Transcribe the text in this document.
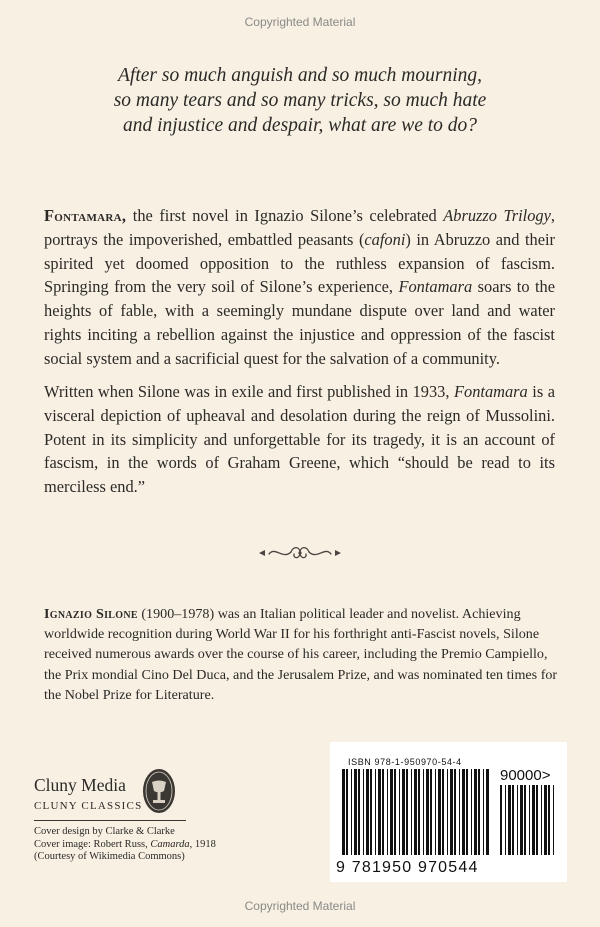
Copyrighted Material
After so much anguish and so much mourning,
so many tears and so many tricks, so much hate
and injustice and despair, what are we to do?

Fontamara, the first novel in Ignazio Silone’s celebrated Abruzzo Trilogy, portrays the impoverished, embattled peasants (cafoni) in Abruzzo and their spirited yet doomed opposition to the ruthless expansion of fascism. Springing from the very soil of Silone’s experience, Fontamara soars to the heights of fable, with a seemingly mundane dispute over land and water rights inciting a rebellion against the injustice and oppression of the fascist social system and a sacrificial quest for the salvation of a community.

Written when Silone was in exile and first published in 1933, Fontamara is a visceral depiction of upheaval and desolation during the reign of Mussolini. Potent in its simplicity and unforgettable for its tragedy, it is an account of fascism, in the words of Graham Greene, which “should be read to its merciless end.”

Ignazio Silone (1900–1978) was an Italian political leader and novelist. Achieving worldwide recognition during World War II for his forthright anti-Fascist novels, Silone received numerous awards over the course of his career, including the Premio Campiello, the Prix mondial Cino Del Duca, and the Jerusalem Prize, and was nominated ten times for the Nobel Prize for Literature.

Cluny Media
CLUNY CLASSICS
Cover design by Clarke & Clarke
Cover image: Robert Russ, Camarda, 1918
(Courtesy of Wikimedia Commons)
ISBN 978-1-950970-54-4
90000>
9 781950 970544
Copyrighted Material
